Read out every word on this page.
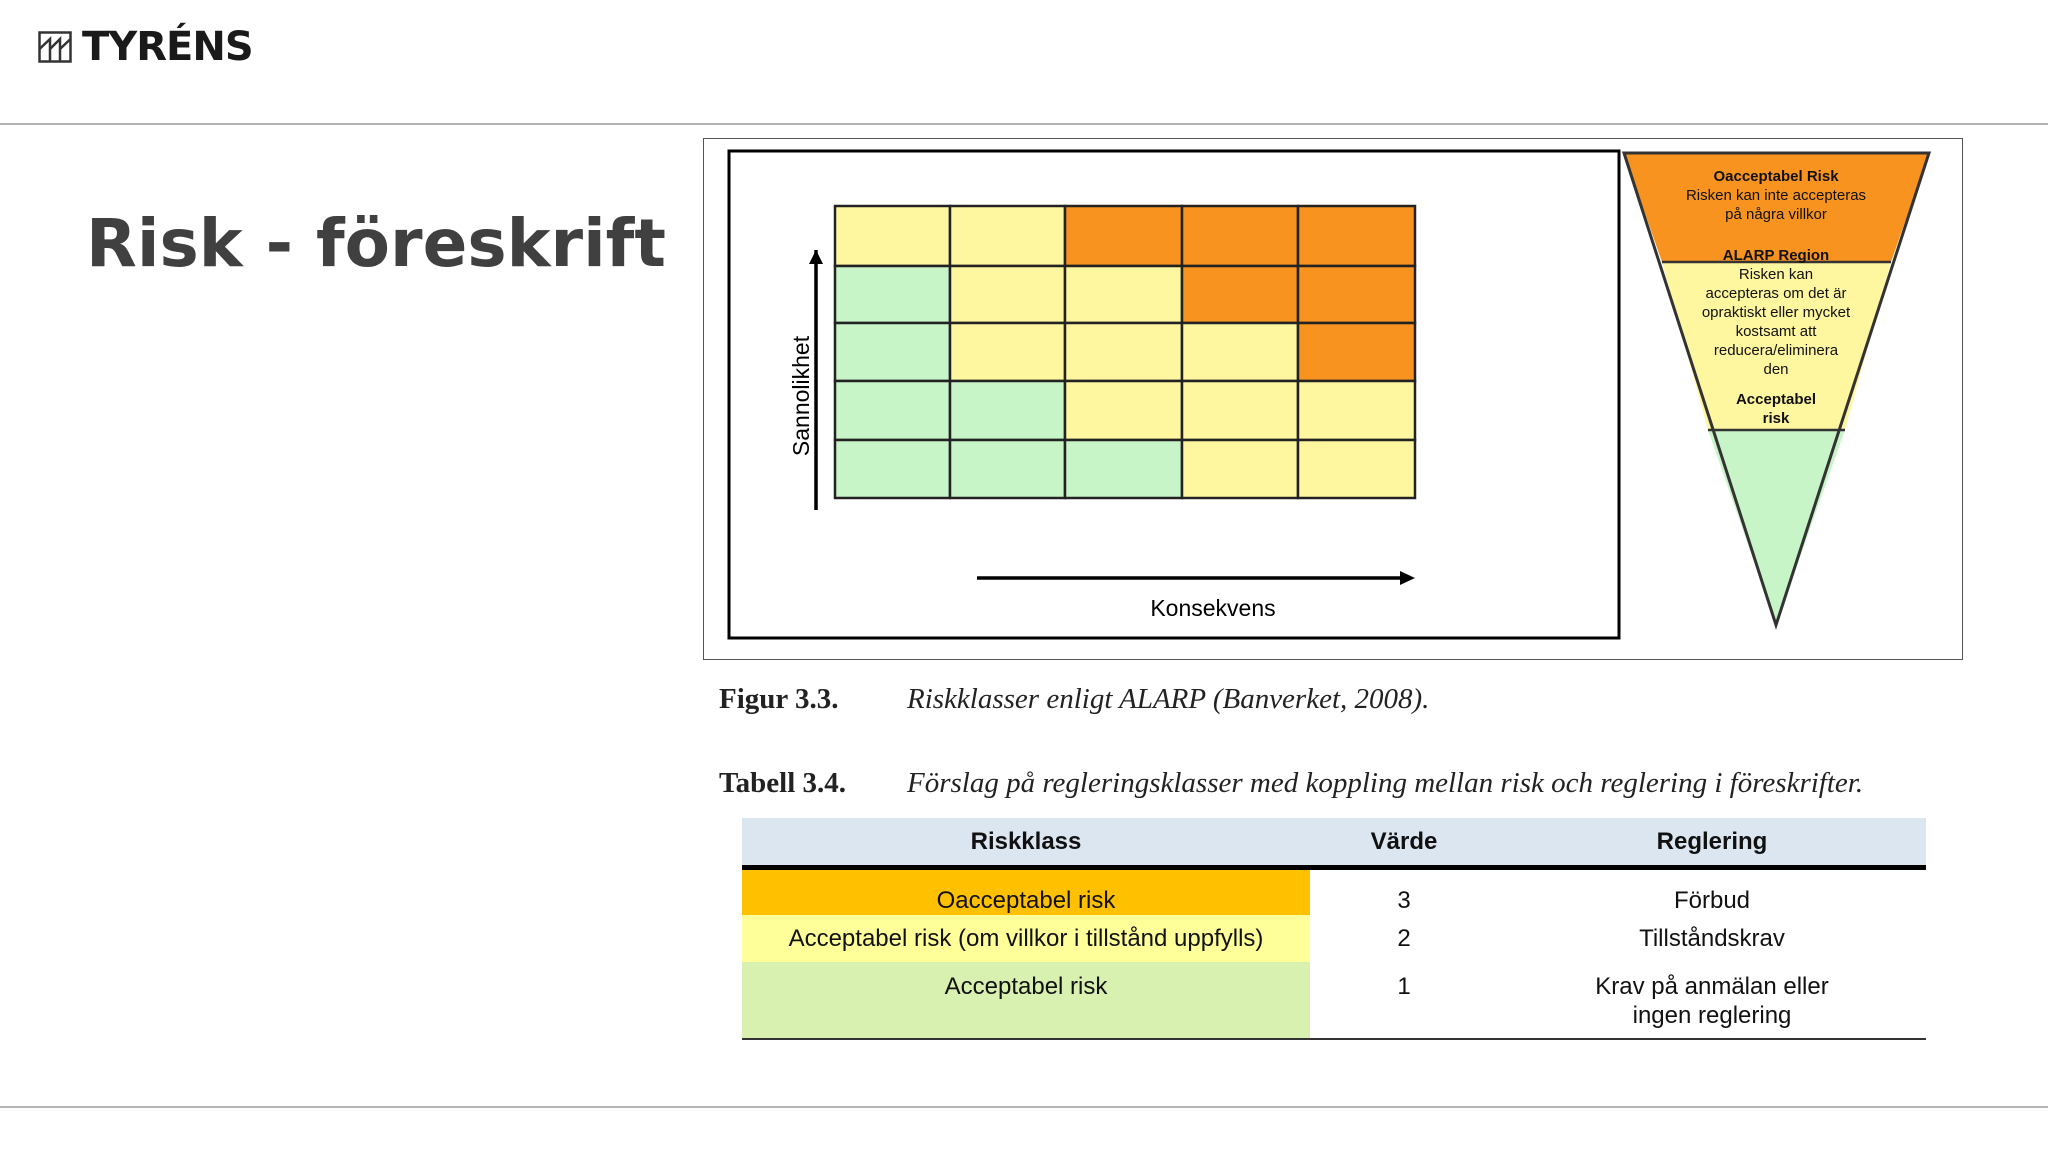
TYRÉNS
Risk - föreskrift
Sannolikhet
Konsekvens
Oacceptabel Risk
Risken kan inte accepteras
på några villkor
ALARP Region
Risken kan
accepteras om det är
opraktiskt eller mycket
kostsamt att
reducera/eliminera
den
Acceptabel
risk
Figur 3.3. Riskklasser enligt ALARP (Banverket, 2008).
Tabell 3.4. Förslag på regleringsklasser med koppling mellan risk och reglering i föreskrifter.
Riskklass	Värde	Reglering
Oacceptabel risk	3	Förbud
Acceptabel risk (om villkor i tillstånd uppfylls)	2	Tillståndskrav
Acceptabel risk	1	Krav på anmälan eller ingen reglering
